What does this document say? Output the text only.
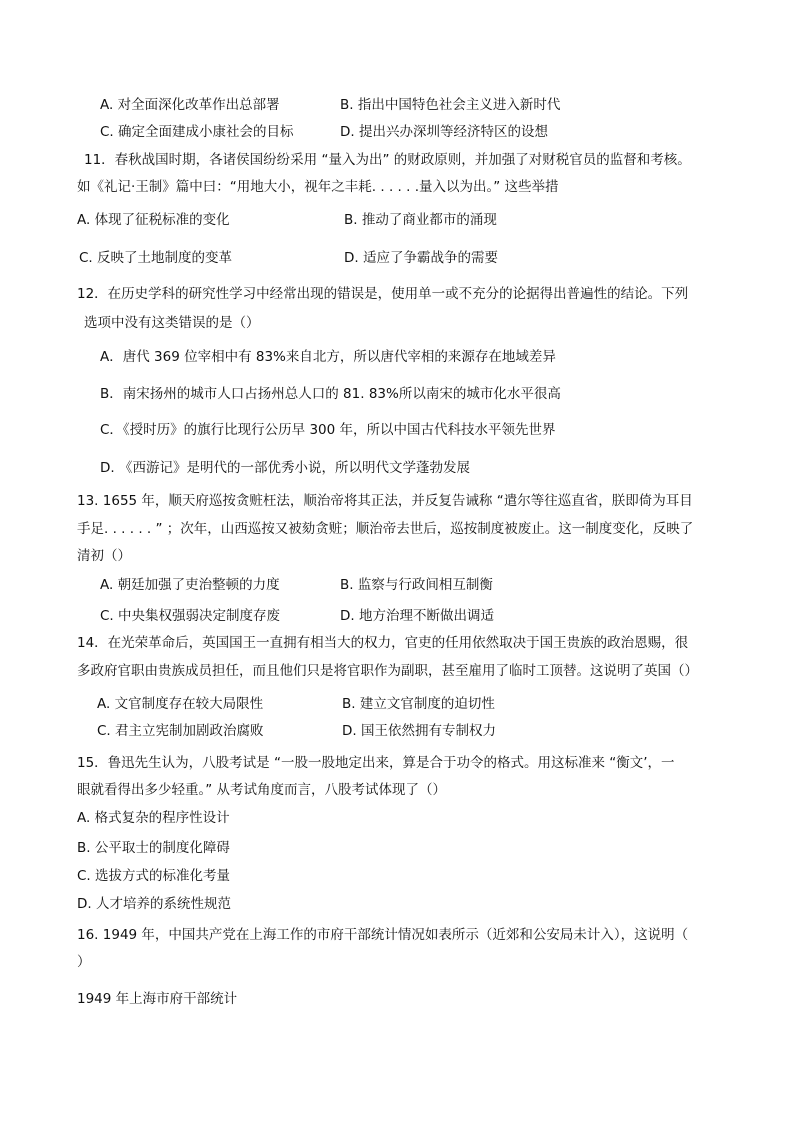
A. 对全面深化改革作出总部署	B. 指出中国特色社会主义进入新时代
C. 确定全面建成小康社会的目标	D. 提出兴办深圳等经济特区的设想
11．春秋战国时期，各诸侯国纷纷采用 “量入为出” 的财政原则，并加强了对财税官员的监督和考核。
如《礼记·王制》篇中曰：“用地大小，视年之丰耗. . . . . .量入以为出。” 这些举措
A. 体现了征税标准的变化	B. 推动了商业都市的涌现
C. 反映了土地制度的变革	D. 适应了争霸战争的需要
12．在历史学科的研究性学习中经常出现的错误是，使用单一或不充分的论据得出普遍性的结论。下列
选项中没有这类错误的是（）
A．唐代 369 位宰相中有 83%来自北方，所以唐代宰相的来源存在地域差异
B．南宋扬州的城市人口占扬州总人口的 81. 83%所以南宋的城市化水平很高
C．《授时历》的旗行比现行公历早 300 年，所以中国古代科技水平领先世界
D. 《西游记》是明代的一部优秀小说，所以明代文学蓬勃发展
13. 1655 年，顺天府巡按贪赃枉法，顺治帝将其正法，并反复告诫称 “遣尔等往巡直省，朕即倚为耳目
手足. . . . . . ” ；次年，山西巡按又被劾贪赃；顺治帝去世后，巡按制度被废止。这一制度变化，反映了
清初（）
A. 朝廷加强了吏治整顿的力度	B. 监察与行政间相互制衡
C. 中央集权强弱决定制度存废	D. 地方治理不断做出调适
14．在光荣革命后，英国国王一直拥有相当大的权力，官吏的任用依然取决于国王贵族的政治恩赐，很
多政府官职由贵族成员担任，而且他们只是将官职作为副职，甚至雇用了临时工顶替。这说明了英国（）
A. 文官制度存在较大局限性	B. 建立文官制度的迫切性
C. 君主立宪制加剧政治腐败	D. 国王依然拥有专制权力
15．鲁迅先生认为，八股考试是 “一股一股地定出来，算是合于功令的格式。用这标准来 “衡文’，一
眼就看得出多少轻重。” 从考试角度而言，八股考试体现了（）
A. 格式复杂的程序性设计
B. 公平取士的制度化障碍
C. 选拔方式的标准化考量
D. 人才培养的系统性规范
16. 1949 年，中国共产党在上海工作的市府干部统计情况如表所示（近郊和公安局未计入），这说明（
）
1949 年上海市府干部统计
